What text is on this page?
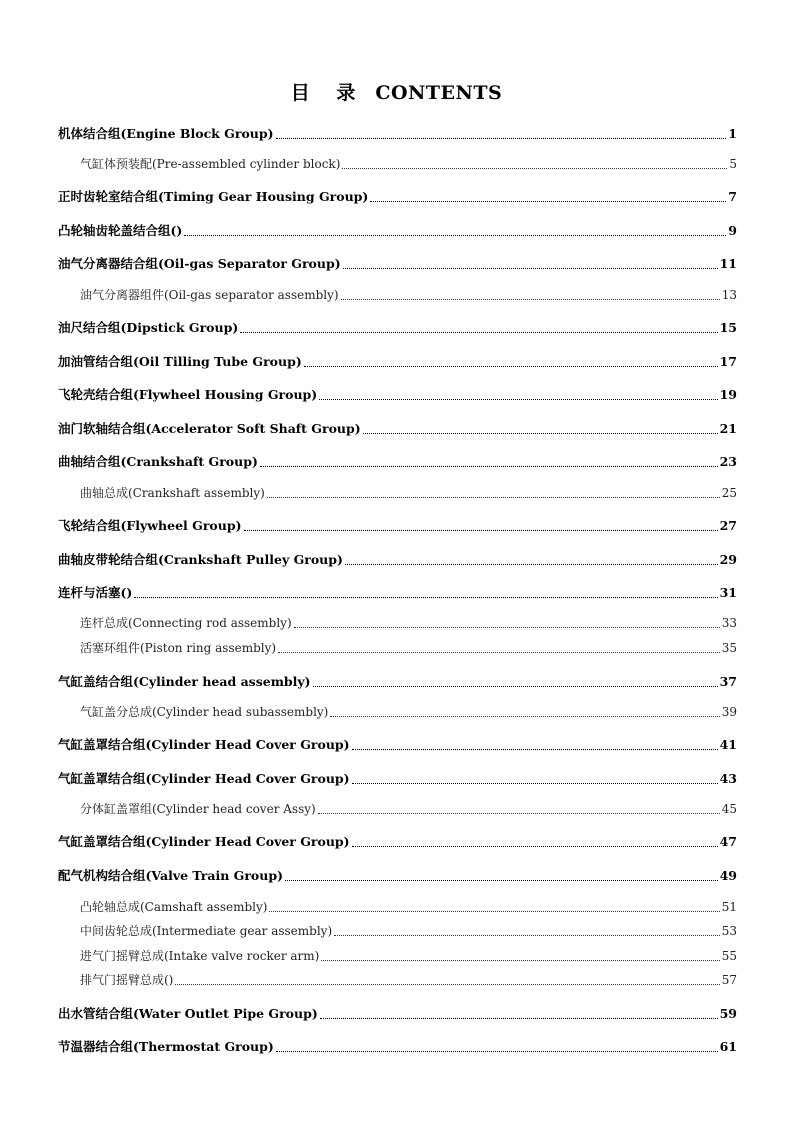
目 录 CONTENTS
机体结合组(Engine Block Group)	1
气缸体预装配(Pre-assembled cylinder block)	5
正时齿轮室结合组(Timing Gear Housing Group)	7
凸轮轴齿轮盖结合组()	9
油气分离器结合组(Oil-gas Separator Group)	11
油气分离器组件(Oil-gas separator assembly)	13
油尺结合组(Dipstick Group)	15
加油管结合组(Oil Tilling Tube Group)	17
飞轮壳结合组(Flywheel Housing Group)	19
油门软轴结合组(Accelerator Soft Shaft Group)	21
曲轴结合组(Crankshaft Group)	23
曲轴总成(Crankshaft assembly)	25
飞轮结合组(Flywheel Group)	27
曲轴皮带轮结合组(Crankshaft Pulley Group)	29
连杆与活塞()	31
连杆总成(Connecting rod assembly)	33
活塞环组件(Piston ring assembly)	35
气缸盖结合组(Cylinder head assembly)	37
气缸盖分总成(Cylinder head subassembly)	39
气缸盖罩结合组(Cylinder Head Cover Group)	41
气缸盖罩结合组(Cylinder Head Cover Group)	43
分体缸盖罩组(Cylinder head cover Assy)	45
气缸盖罩结合组(Cylinder Head Cover Group)	47
配气机构结合组(Valve Train Group)	49
凸轮轴总成(Camshaft assembly)	51
中间齿轮总成(Intermediate gear assembly)	53
进气门摇臂总成(Intake valve rocker arm)	55
排气门摇臂总成()	57
出水管结合组(Water Outlet Pipe Group)	59
节温器结合组(Thermostat Group)	61
